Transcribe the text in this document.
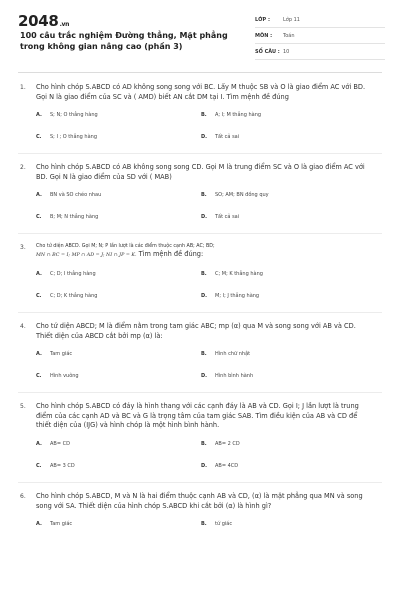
2048.vn
100 câu trắc nghiệm Đường thẳng, Mặt phẳng trong không gian nâng cao (phần 3)
LỚP :	Lớp 11
MÔN :	Toán
SỐ CÂU : 10
1. Cho hình chóp S.ABCD có AD không song song với BC. Lấy M thuộc SB và O là giao điểm AC với BD. Gọi N là giao điểm của SC và ( AMD) biết AN cắt DM tại I. Tìm mệnh đề đúng
A.	S; N; O thẳng hàng	B.	A; I; M thẳng hàng
C.	S; I ; O thẳng hàng	D.	Tất cả sai
2. Cho hình chóp S.ABCD có AB không song song CD. Gọi M là trung điểm SC và O là giao điểm AC với BD. Gọi N là giao điểm của SD với ( MAB)
A.	BN và SO chéo nhau	B.	SO; AM; BN đồng quy
C.	B; M; N thẳng hàng	D.	Tất cả sai
3. Cho tứ diện ABCD. Gọi M; N; P lần lượt là các điểm thuộc cạnh AB; AC; BD;
MN ∩ BC = I; MP ∩ AD = J; NI ∩ JP = K. Tìm mệnh đề đúng:
A.	C; D; I thẳng hàng	B.	C; M; K thẳng hàng
C.	C; D; K thẳng hàng	D.	M; I; J thẳng hàng
4. Cho tứ diện ABCD; M là điểm nằm trong tam giác ABC; mp (α) qua M và song song với AB và CD. Thiết diện của ABCD cắt bởi mp (α) là:
A.	Tam giác	B.	Hình chữ nhật
C.	Hình vuông	D.	Hình bình hành
5. Cho hình chóp S.ABCD có đáy là hình thang với các cạnh đáy là AB và CD. Gọi I; J lần lượt là trung điểm của các cạnh AD và BC và G là trọng tâm của tam giác SAB. Tìm điều kiện của AB và CD để thiết diện của (IJG) và hình chóp là một hình bình hành.
A.	AB= CD	B.	AB= 2 CD
C.	AB= 3 CD	D.	AB= 4CD
6. Cho hình chóp S.ABCD, M và N là hai điểm thuộc cạnh AB và CD, (α) là mặt phẳng qua MN và song song với SA. Thiết diện của hình chóp S.ABCD khi cắt bởi (α) là hình gì?
A.	Tam giác	B.	tứ giác
